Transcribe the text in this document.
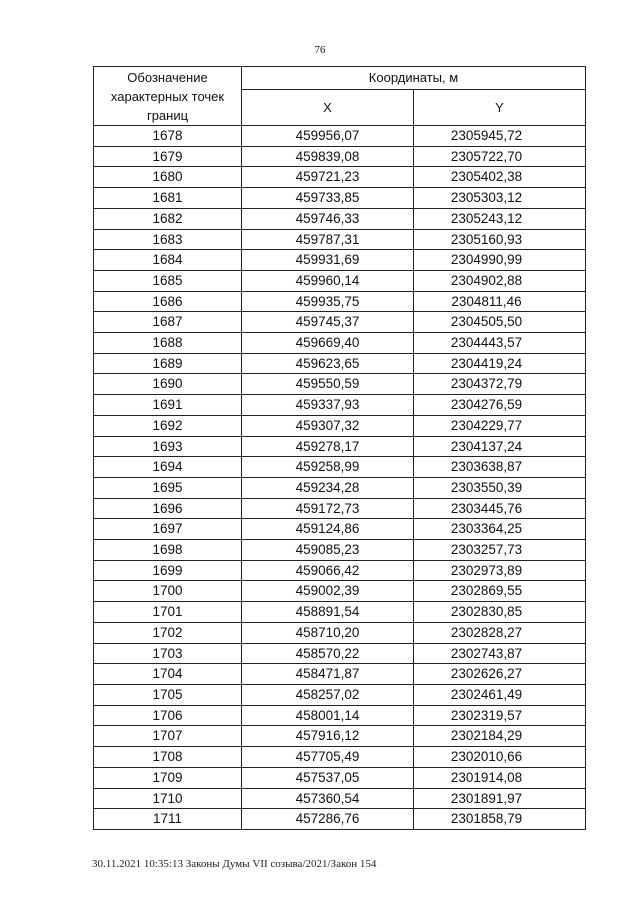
76
Обозначение характерных точек границ	Координаты, м	
	X	Y
1678	459956,07	2305945,72
1679	459839,08	2305722,70
1680	459721,23	2305402,38
1681	459733,85	2305303,12
1682	459746,33	2305243,12
1683	459787,31	2305160,93
1684	459931,69	2304990,99
1685	459960,14	2304902,88
1686	459935,75	2304811,46
1687	459745,37	2304505,50
1688	459669,40	2304443,57
1689	459623,65	2304419,24
1690	459550,59	2304372,79
1691	459337,93	2304276,59
1692	459307,32	2304229,77
1693	459278,17	2304137,24
1694	459258,99	2303638,87
1695	459234,28	2303550,39
1696	459172,73	2303445,76
1697	459124,86	2303364,25
1698	459085,23	2303257,73
1699	459066,42	2302973,89
1700	459002,39	2302869,55
1701	458891,54	2302830,85
1702	458710,20	2302828,27
1703	458570,22	2302743,87
1704	458471,87	2302626,27
1705	458257,02	2302461,49
1706	458001,14	2302319,57
1707	457916,12	2302184,29
1708	457705,49	2302010,66
1709	457537,05	2301914,08
1710	457360,54	2301891,97
1711	457286,76	2301858,79
30.11.2021 10:35:13 Законы Думы VII созыва/2021/Закон 154
